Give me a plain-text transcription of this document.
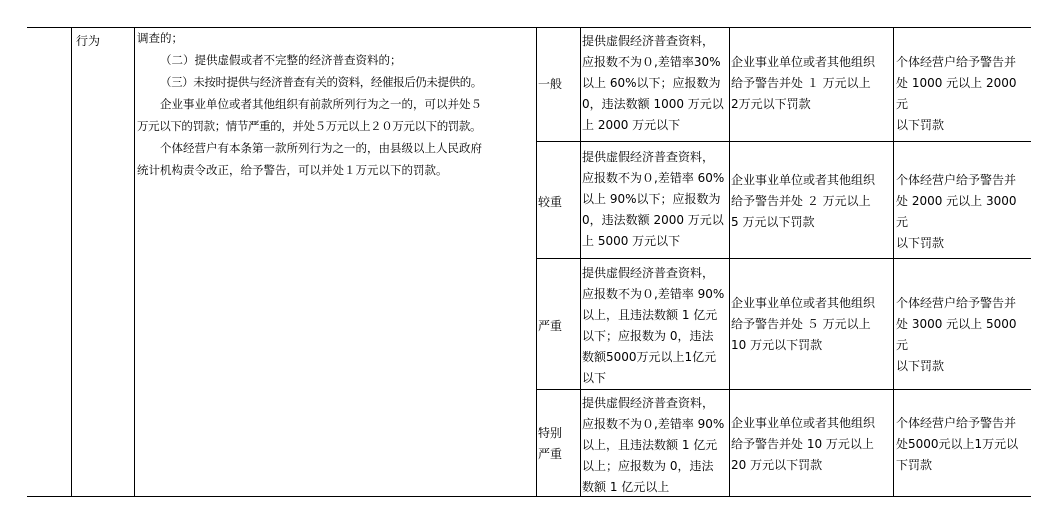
行为	调查的；
（二）提供虚假或者不完整的经济普查资料的；
（三）未按时提供与经济普查有关的资料，经催报后仍未提供的。
企业事业单位或者其他组织有前款所列行为之一的，可以并处５
万元以下的罚款；情节严重的，并处５万元以上２０万元以下的罚款。
个体经营户有本条第一款所列行为之一的，由县级以上人民政府
统计机构责令改正，给予警告，可以并处１万元以下的罚款。
一般
较重
严重
特别
严重
提供虚假经济普查资料，
应报数不为０,差错率30%
以上 60%以下；应报数为
0，违法数额 1000 万元以
上 2000 万元以下
企业事业单位或者其他组织
给予警告并处 １ 万元以上
2万元以下罚款
个体经营户给予警告并
处 1000 元以上 2000 元
以下罚款
提供虚假经济普查资料，
应报数不为０,差错率 60%
以上 90%以下；应报数为
0，违法数额 2000 万元以
上 5000 万元以下
企业事业单位或者其他组织
给予警告并处 ２ 万元以上
5 万元以下罚款
个体经营户给予警告并
处 2000 元以上 3000 元
以下罚款
提供虚假经济普查资料，
应报数不为０,差错率 90%
以上，且违法数额 1 亿元
以下；应报数为 0，违法
数额5000万元以上1亿元
以下
企业事业单位或者其他组织
给予警告并处 ５ 万元以上
10 万元以下罚款
个体经营户给予警告并
处 3000 元以上 5000 元
以下罚款
提供虚假经济普查资料，
应报数不为０,差错率 90%
以上，且违法数额 1 亿元
以上；应报数为 0，违法
数额 1 亿元以上
企业事业单位或者其他组织
给予警告并处 10 万元以上
20 万元以下罚款
个体经营户给予警告并
处5000元以上1万元以
下罚款
